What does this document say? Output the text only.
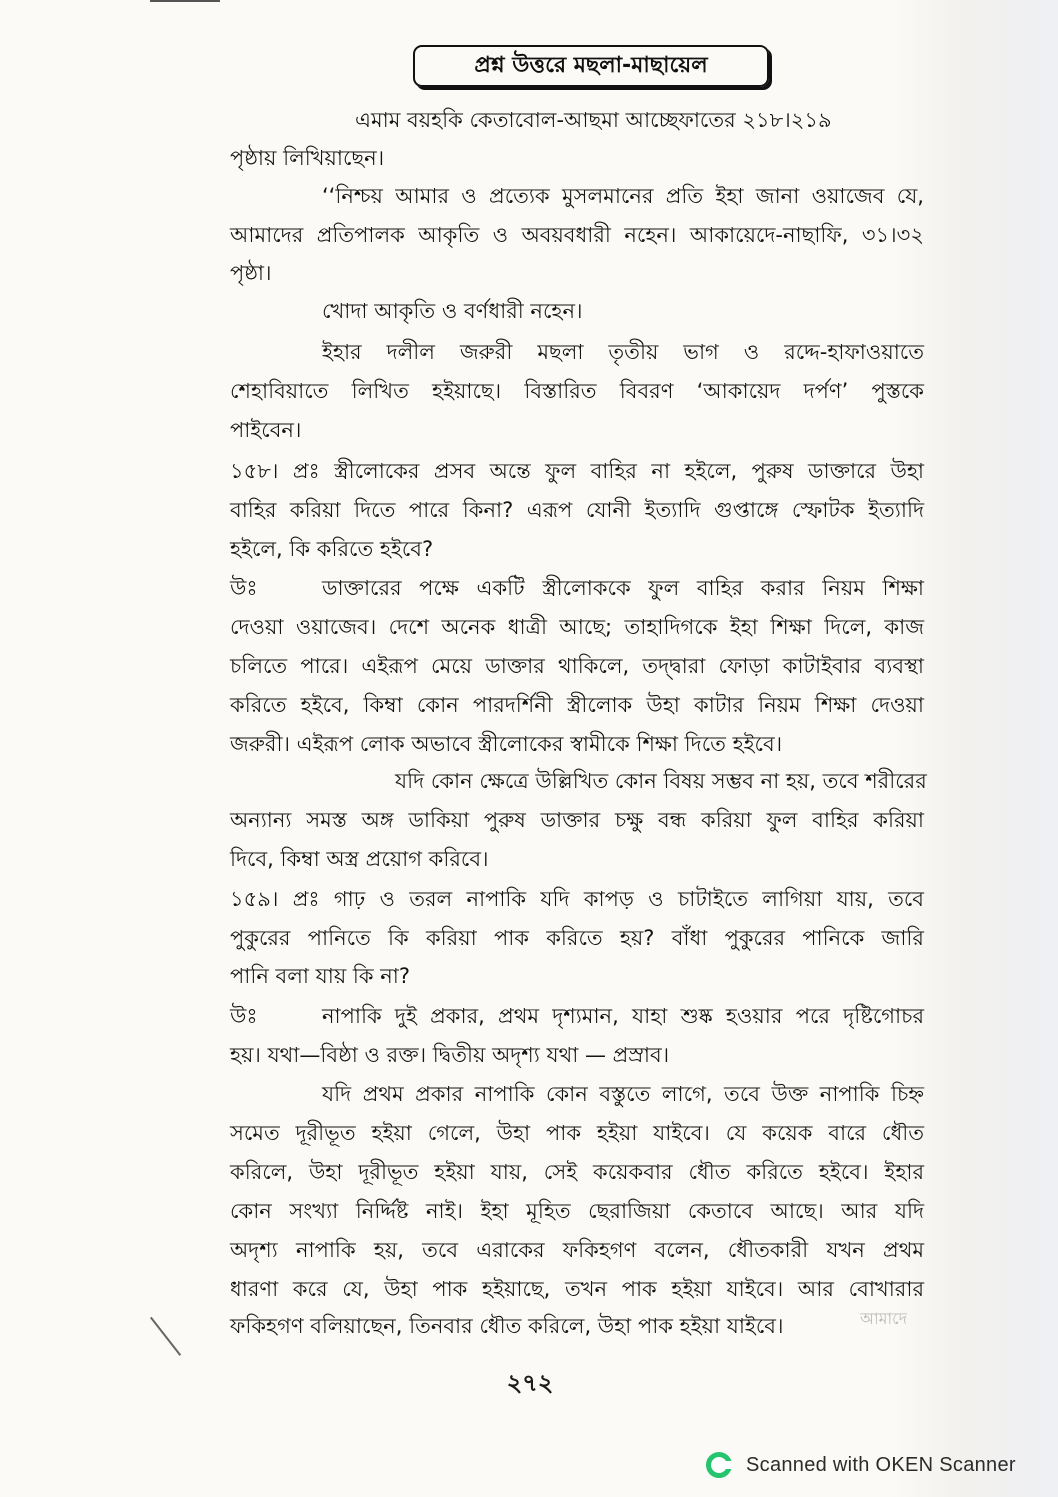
প্রশ্ন উত্তরে মছলা-মাছায়েল
এমাম বয়হকি কেতাবোল-আছমা আচ্ছেফাতের ২১৮।২১৯
পৃষ্ঠায় লিখিয়াছেন।
‘‘নিশ্চয় আমার ও প্রত্যেক মুসলমানের প্রতি ইহা জানা ওয়াজেব যে,
আমাদের প্রতিপালক আকৃতি ও অবয়বধারী নহেন। আকায়েদে-নাছাফি, ৩১।৩২
পৃষ্ঠা।
খোদা আকৃতি ও বর্ণধারী নহেন।
ইহার দলীল জরুরী মছলা তৃতীয় ভাগ ও রদ্দে-হাফাওয়াতে
শেহাবিয়াতে লিখিত হইয়াছে। বিস্তারিত বিবরণ ‘আকায়েদ দর্পণ’ পুস্তকে
পাইবেন।
১৫৮। প্রঃ স্ত্রীলোকের প্রসব অন্তে ফুল বাহির না হইলে, পুরুষ ডাক্তারে উহা
বাহির করিয়া দিতে পারে কিনা? এরূপ যোনী ইত্যাদি গুপ্তাঙ্গে স্ফোটক ইত্যাদি
হইলে, কি করিতে হইবে?
উঃ	ডাক্তারের পক্ষে একটি স্ত্রীলোককে ফুল বাহির করার নিয়ম শিক্ষা
দেওয়া ওয়াজেব। দেশে অনেক ধাত্রী আছে; তাহাদিগকে ইহা শিক্ষা দিলে, কাজ
চলিতে পারে। এইরূপ মেয়ে ডাক্তার থাকিলে, তদ্দ্বারা ফোড়া কাটাইবার ব্যবস্থা
করিতে হইবে, কিম্বা কোন পারদর্শিনী স্ত্রীলোক উহা কাটার নিয়ম শিক্ষা দেওয়া
জরুরী। এইরূপ লোক অভাবে স্ত্রীলোকের স্বামীকে শিক্ষা দিতে হইবে।
যদি কোন ক্ষেত্রে উল্লিখিত কোন বিষয় সম্ভব না হয়, তবে শরীরের
অন্যান্য সমস্ত অঙ্গ ডাকিয়া পুরুষ ডাক্তার চক্ষু বন্ধ করিয়া ফুল বাহির করিয়া
দিবে, কিম্বা অস্ত্র প্রয়োগ করিবে।
১৫৯। প্রঃ গাঢ় ও তরল নাপাকি যদি কাপড় ও চাটাইতে লাগিয়া যায়, তবে
পুকুরের পানিতে কি করিয়া পাক করিতে হয়? বাঁধা পুকুরের পানিকে জারি
পানি বলা যায় কি না?
উঃ	নাপাকি দুই প্রকার, প্রথম দৃশ্যমান, যাহা শুষ্ক হওয়ার পরে দৃষ্টিগোচর
হয়। যথা—বিষ্ঠা ও রক্ত। দ্বিতীয় অদৃশ্য যথা — প্রস্রাব।
যদি প্রথম প্রকার নাপাকি কোন বস্তুতে লাগে, তবে উক্ত নাপাকি চিহ্ন
সমেত দূরীভূত হইয়া গেলে, উহা পাক হইয়া যাইবে। যে কয়েক বারে ধৌত
করিলে, উহা দূরীভূত হইয়া যায়, সেই কয়েকবার ধৌত করিতে হইবে। ইহার
কোন সংখ্যা নির্দ্দিষ্ট নাই। ইহা মূহিত ছেরাজিয়া কেতাবে আছে। আর যদি
অদৃশ্য নাপাকি হয়, তবে এরাকের ফকিহগণ বলেন, ধৌতকারী যখন প্রথম
ধারণা করে যে, উহা পাক হইয়াছে, তখন পাক হইয়া যাইবে। আর বোখারার
ফকিহগণ বলিয়াছেন, তিনবার ধৌত করিলে, উহা পাক হইয়া যাইবে।	আমাদে
২৭২
Scanned with OKEN Scanner
